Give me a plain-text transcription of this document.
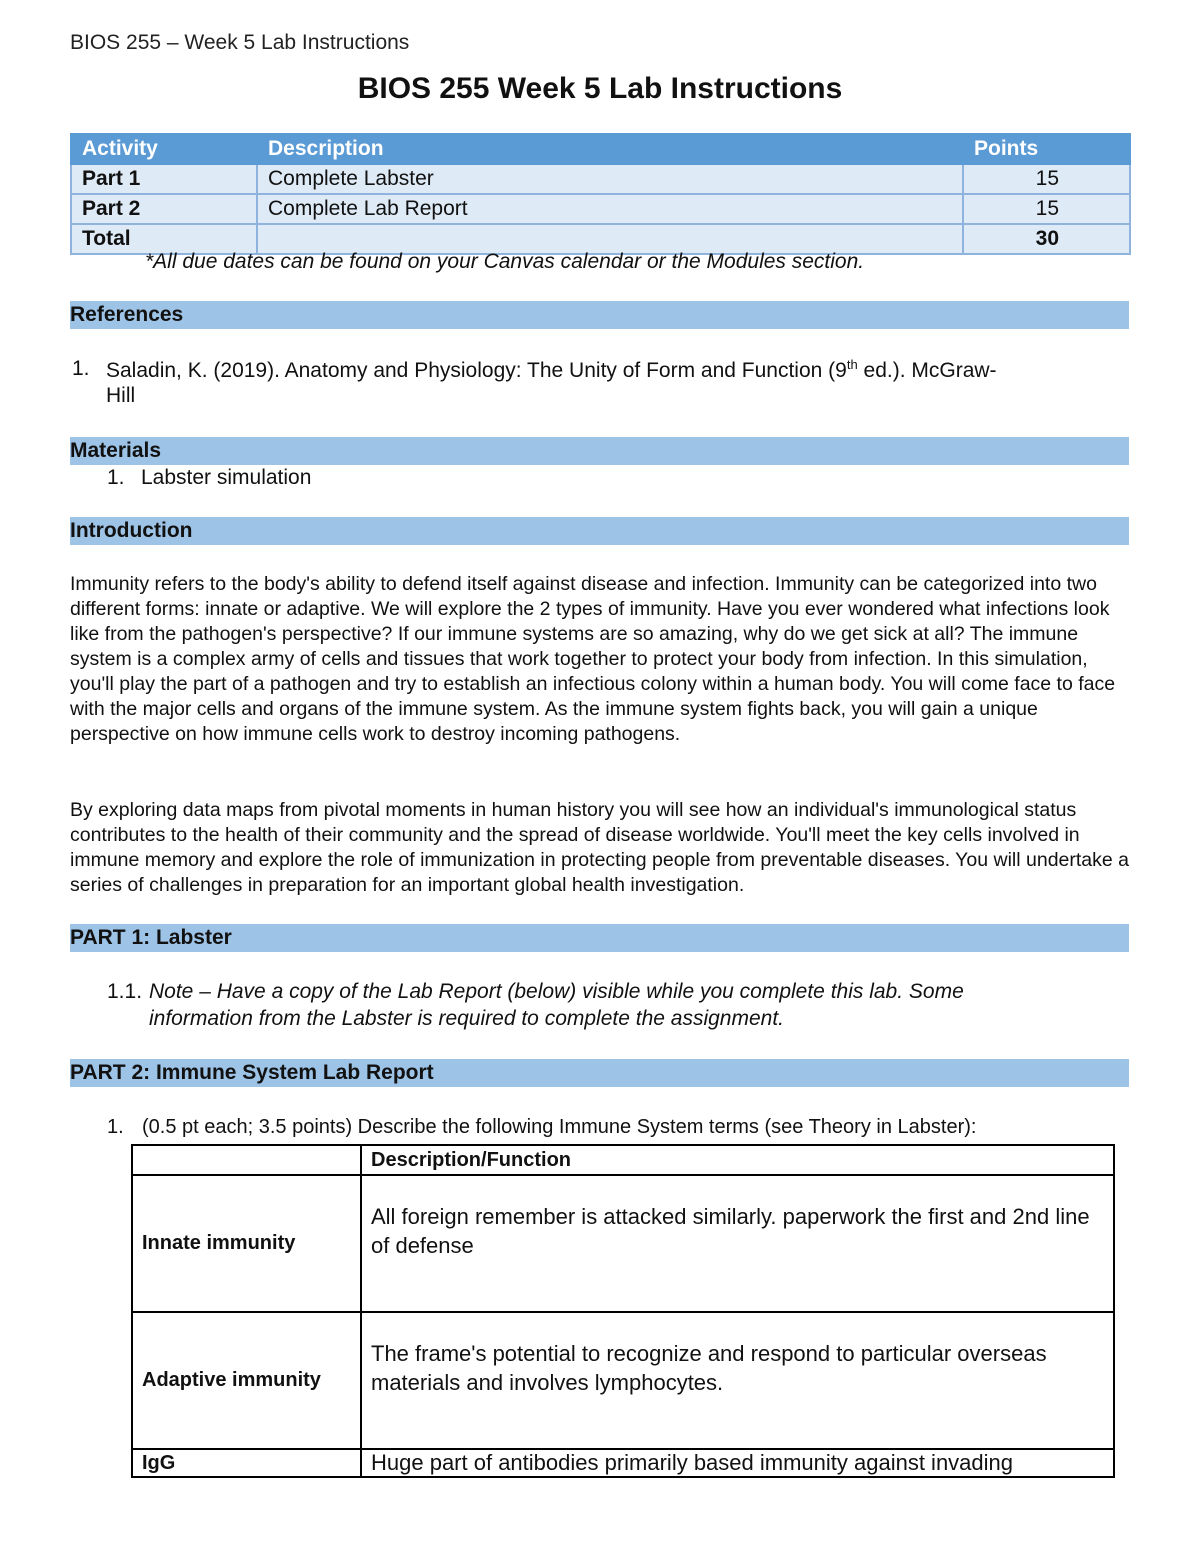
BIOS 255 – Week 5 Lab Instructions
BIOS 255 Week 5 Lab Instructions
Activity	Description	Points
Part 1	Complete Labster	15
Part 2	Complete Lab Report	15
Total		30
*All due dates can be found on your Canvas calendar or the Modules section.
References
1. Saladin, K. (2019). Anatomy and Physiology: The Unity of Form and Function (9th ed.). McGraw-
Hill
Materials
1. Labster simulation
Introduction
Immunity refers to the body's ability to defend itself against disease and infection. Immunity can be categorized into two different forms: innate or adaptive. We will explore the 2 types of immunity. Have you ever wondered what infections look like from the pathogen's perspective? If our immune systems are so amazing, why do we get sick at all? The immune system is a complex army of cells and tissues that work together to protect your body from infection. In this simulation, you'll play the part of a pathogen and try to establish an infectious colony within a human body. You will come face to face with the major cells and organs of the immune system. As the immune system fights back, you will gain a unique perspective on how immune cells work to destroy incoming pathogens.
By exploring data maps from pivotal moments in human history you will see how an individual's immunological status contributes to the health of their community and the spread of disease worldwide. You'll meet the key cells involved in immune memory and explore the role of immunization in protecting people from preventable diseases. You will undertake a series of challenges in preparation for an important global health investigation.
PART 1: Labster
1.1. Note – Have a copy of the Lab Report (below) visible while you complete this lab. Some
information from the Labster is required to complete the assignment.
PART 2: Immune System Lab Report
1. (0.5 pt each; 3.5 points) Describe the following Immune System terms (see Theory in Labster):
	Description/Function
Innate immunity	All foreign remember is attacked similarly. paperwork the first and 2nd line of defense
Adaptive immunity	The frame's potential to recognize and respond to particular overseas materials and involves lymphocytes.
IgG	Huge part of antibodies primarily based immunity against invading
